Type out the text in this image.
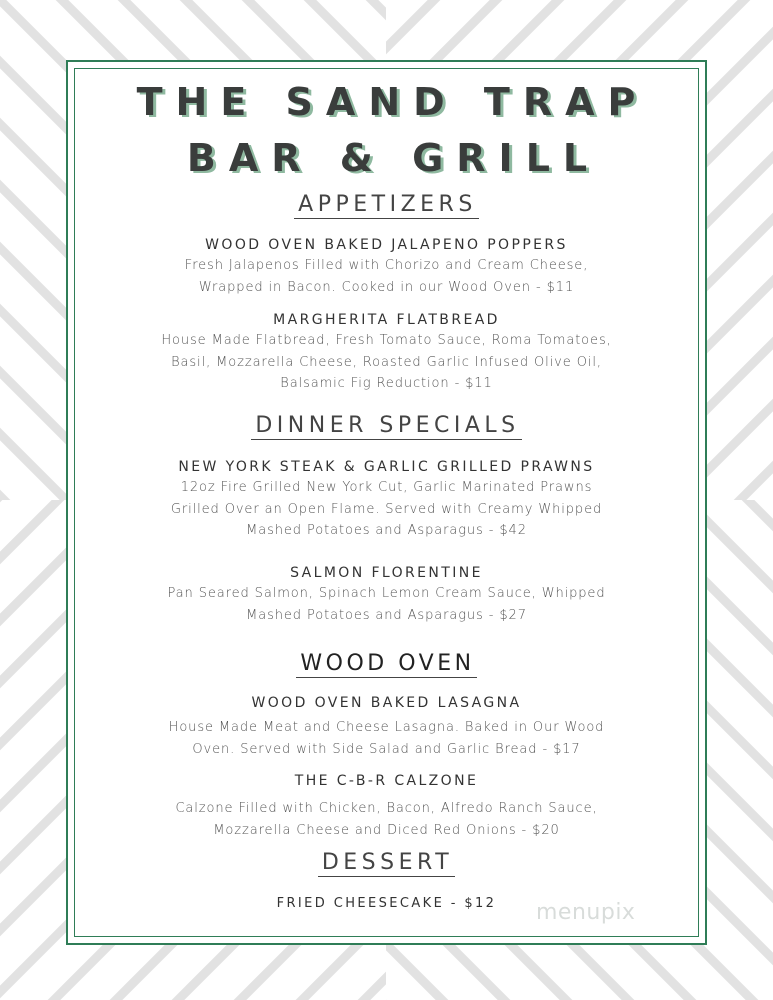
THE SAND TRAP
BAR & GRILL
APPETIZERS
WOOD OVEN BAKED JALAPENO POPPERS
Fresh Jalapenos Filled with Chorizo and Cream Cheese,
Wrapped in Bacon. Cooked in our Wood Oven - $11
MARGHERITA FLATBREAD
House Made Flatbread, Fresh Tomato Sauce, Roma Tomatoes,
Basil, Mozzarella Cheese, Roasted Garlic Infused Olive Oil,
Balsamic Fig Reduction - $11
DINNER SPECIALS
NEW YORK STEAK & GARLIC GRILLED PRAWNS
12oz Fire Grilled New York Cut, Garlic Marinated Prawns
Grilled Over an Open Flame. Served with Creamy Whipped
Mashed Potatoes and Asparagus - $42
SALMON FLORENTINE
Pan Seared Salmon, Spinach Lemon Cream Sauce, Whipped
Mashed Potatoes and Asparagus - $27
WOOD OVEN
WOOD OVEN BAKED LASAGNA
House Made Meat and Cheese Lasagna. Baked in Our Wood
Oven. Served with Side Salad and Garlic Bread - $17
THE C-B-R CALZONE
Calzone Filled with Chicken, Bacon, Alfredo Ranch Sauce,
Mozzarella Cheese and Diced Red Onions - $20
DESSERT
FRIED CHEESECAKE - $12	menupix
